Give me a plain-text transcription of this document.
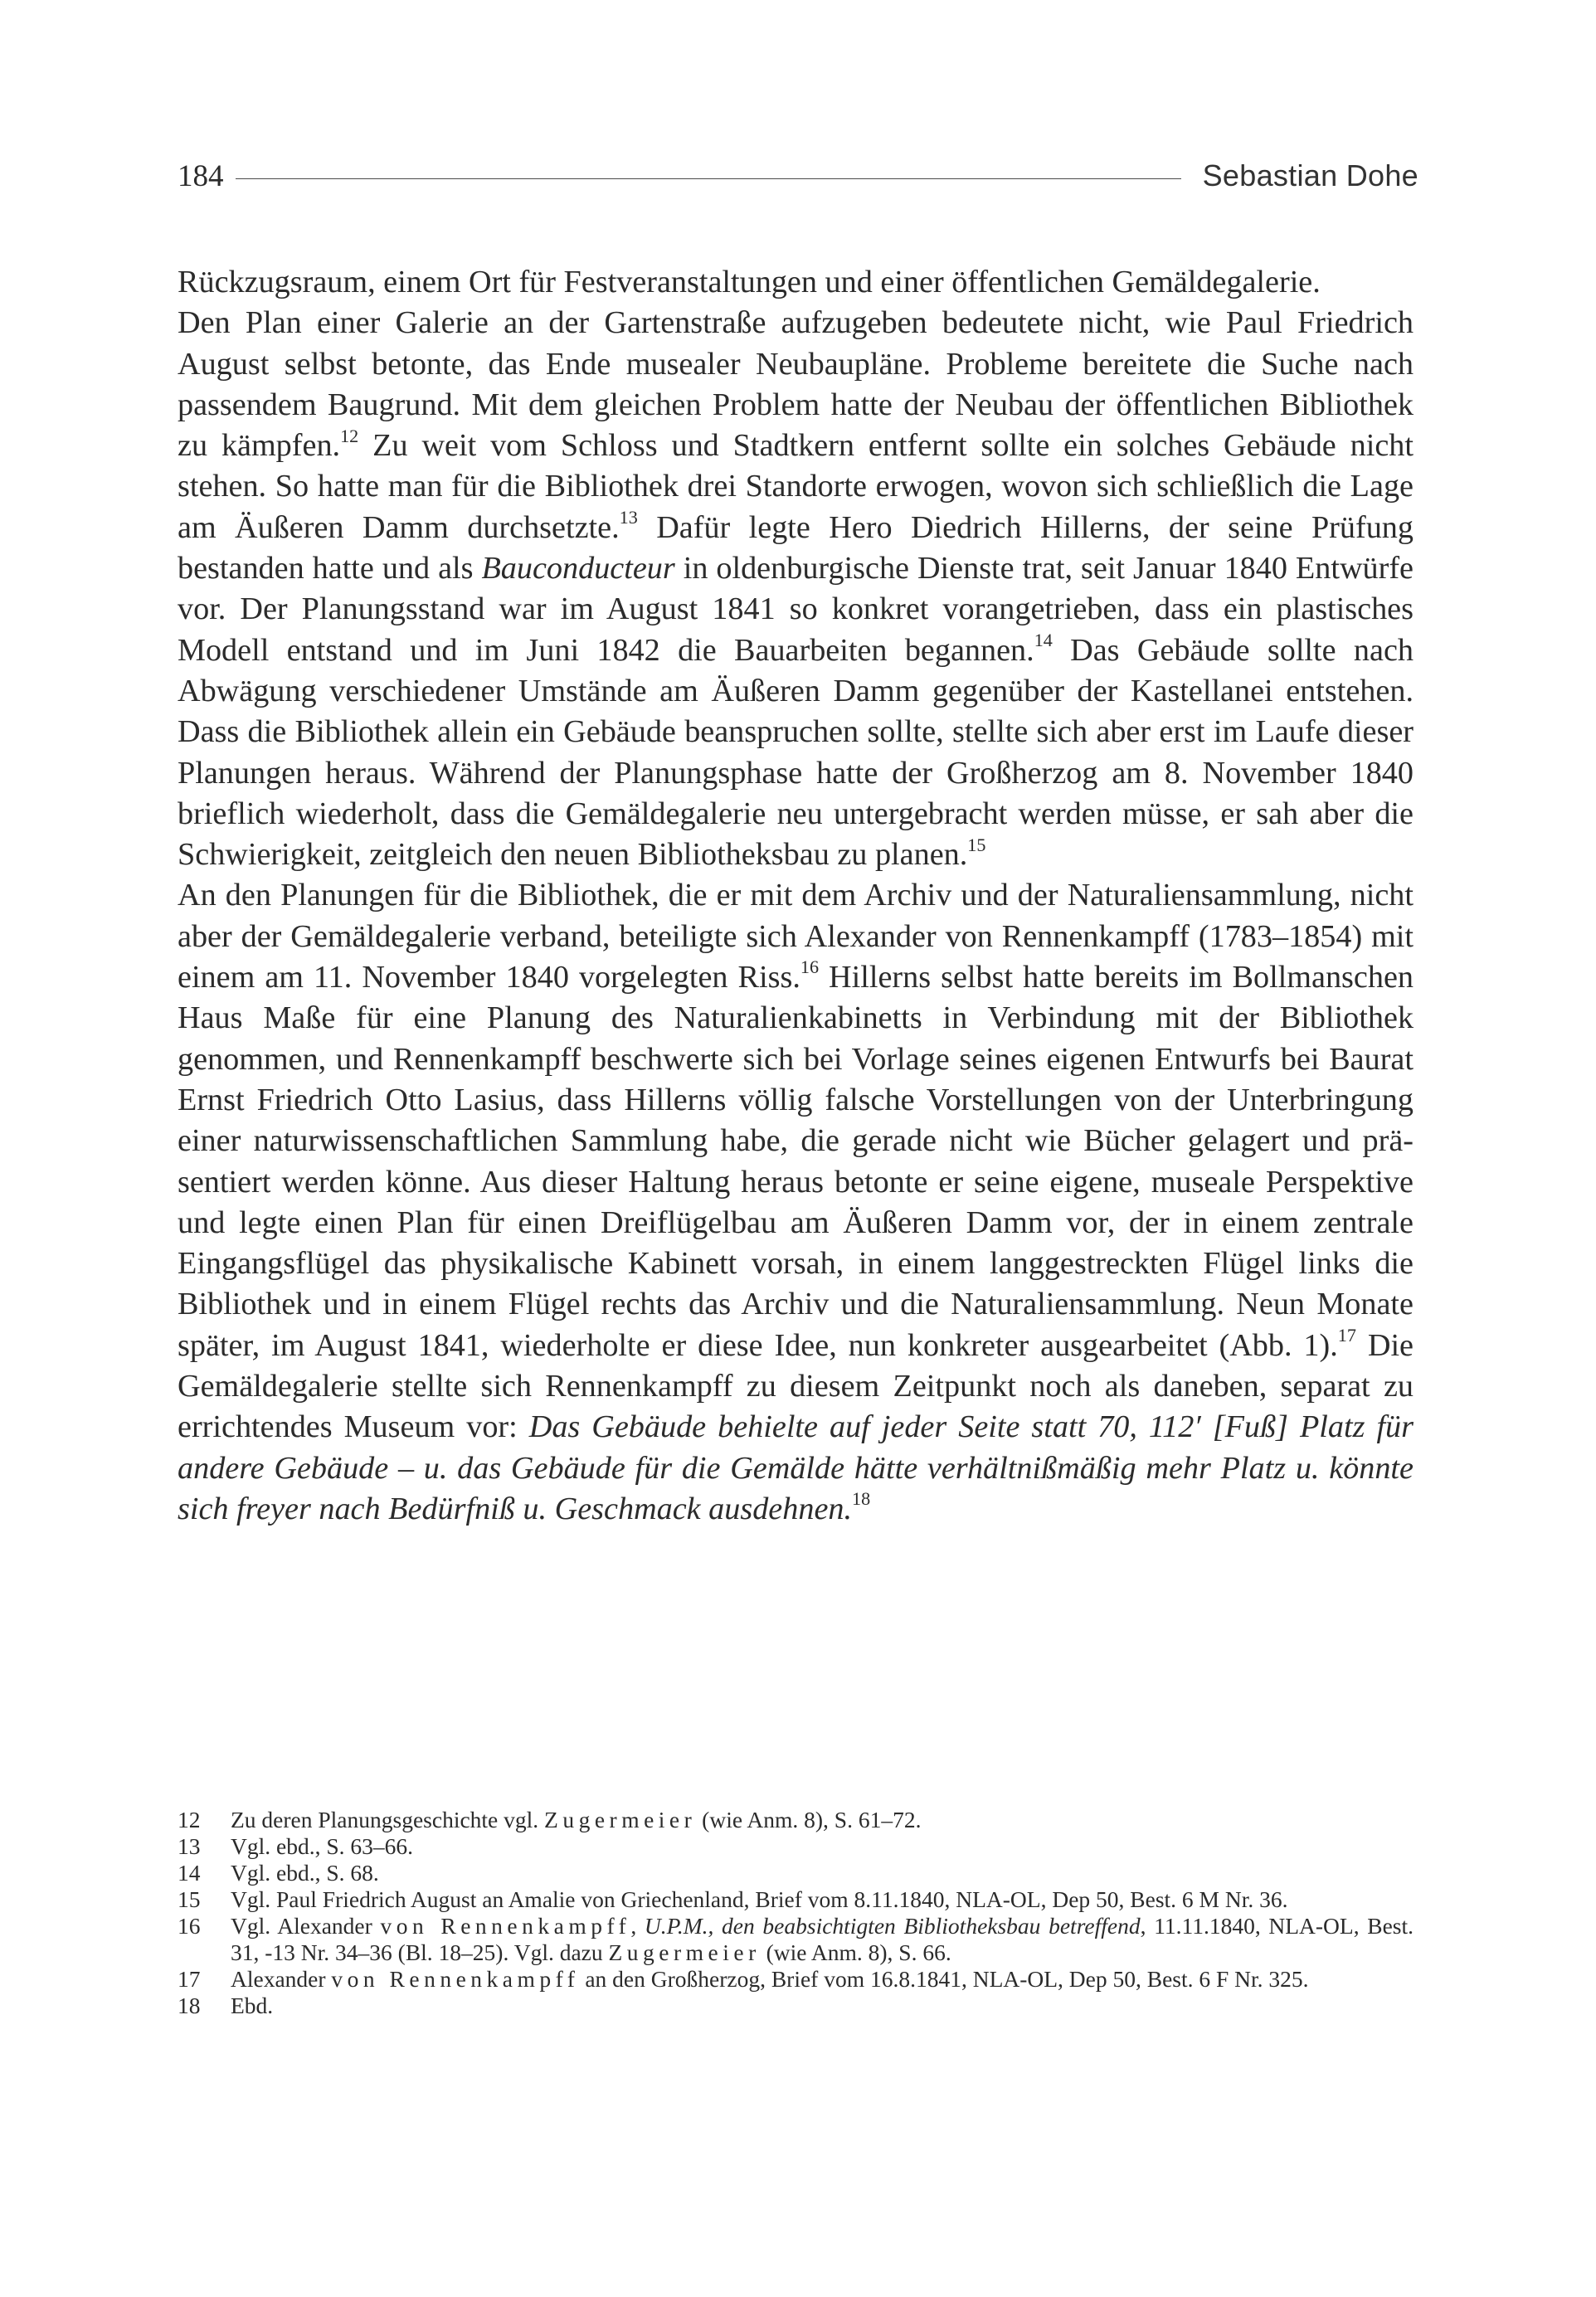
184	Sebastian Dohe

Rückzugsraum, einem Ort für Festveranstaltungen und einer öffentlichen Gemäldegalerie.

Den Plan einer Galerie an der Gartenstraße aufzugeben bedeutete nicht, wie Paul Friedrich August selbst betonte, das Ende musealer Neubaupläne. Probleme bereitete die Suche nach passendem Baugrund. Mit dem gleichen Problem hatte der Neubau der öffentlichen Bibliothek zu kämpfen.$^{12}$ Zu weit vom Schloss und Stadtkern entfernt sollte ein solches Gebäude nicht stehen. So hatte man für die Bibliothek drei Standorte erwogen, wovon sich schließlich die Lage am Äußeren Damm durchsetzte.$^{13}$ Dafür legte Hero Diedrich Hillerns, der seine Prüfung bestanden hatte und als Bauconducteur in oldenburgische Dienste trat, seit Januar 1840 Entwürfe vor. Der Planungsstand war im August 1841 so konkret vorangetrieben, dass ein plastisches Modell entstand und im Juni 1842 die Bauarbeiten begannen.$^{14}$ Das Gebäude sollte nach Abwägung verschiedener Umstände am Äußeren Damm gegenüber der Kastellanei entstehen. Dass die Bibliothek allein ein Gebäude beanspruchen sollte, stellte sich aber erst im Laufe dieser Planungen heraus. Während der Planungsphase hatte der Großherzog am 8. November 1840 brieflich wiederholt, dass die Gemäldegalerie neu untergebracht werden müsse, er sah aber die Schwierigkeit, zeitgleich den neuen Bibliotheksbau zu planen.$^{15}$

An den Planungen für die Bibliothek, die er mit dem Archiv und der Naturaliensammlung, nicht aber der Gemäldegalerie verband, beteiligte sich Alexander von Rennenkampff (1783–1854) mit einem am 11. November 1840 vorgelegten Riss.$^{16}$ Hillerns selbst hatte bereits im Bollmanschen Haus Maße für eine Planung des Naturalienkabinetts in Verbindung mit der Bibliothek genommen, und Rennenkampff beschwerte sich bei Vorlage seines eigenen Entwurfs bei Baurat Ernst Friedrich Otto Lasius, dass Hillerns völlig falsche Vorstellungen von der Unterbringung einer naturwissenschaftlichen Sammlung habe, die gerade nicht wie Bücher gelagert und präsentiert werden könne. Aus dieser Haltung heraus betonte er seine eigene, museale Perspektive und legte einen Plan für einen Dreiflügelbau am Äußeren Damm vor, der in einem zentrale Eingangsflügel das physikalische Kabinett vorsah, in einem langgestreckten Flügel links die Bibliothek und in einem Flügel rechts das Archiv und die Naturaliensammlung. Neun Monate später, im August 1841, wiederholte er diese Idee, nun konkreter ausgearbeitet (Abb. 1).$^{17}$ Die Gemäldegalerie stellte sich Rennenkampff zu diesem Zeitpunkt noch als daneben, separat zu errichtendes Museum vor: Das Gebäude behielte auf jeder Seite statt 70, 112′ [Fuß] Platz für andere Gebäude – u. das Gebäude für die Gemälde hätte verhältnißmäßig mehr Platz u. könnte sich freyer nach Bedürfniß u. Geschmack ausdehnen.$^{18}$

12	Zu deren Planungsgeschichte vgl. Zugermeier (wie Anm. 8), S. 61–72.
13	Vgl. ebd., S. 63–66.
14	Vgl. ebd., S. 68.
15	Vgl. Paul Friedrich August an Amalie von Griechenland, Brief vom 8.11.1840, NLA-OL, Dep 50, Best. 6 M Nr. 36.
16	Vgl. Alexander von Rennenkampff, U.P.M., den beabsichtigten Bibliotheksbau betreffend, 11.11.1840, NLA-OL, Best. 31, -13 Nr. 34–36 (Bl. 18–25). Vgl. dazu Zugermeier (wie Anm. 8), S. 66.
17	Alexander von Rennenkampff an den Großherzog, Brief vom 16.8.1841, NLA-OL, Dep 50, Best. 6 F Nr. 325.
18	Ebd.
